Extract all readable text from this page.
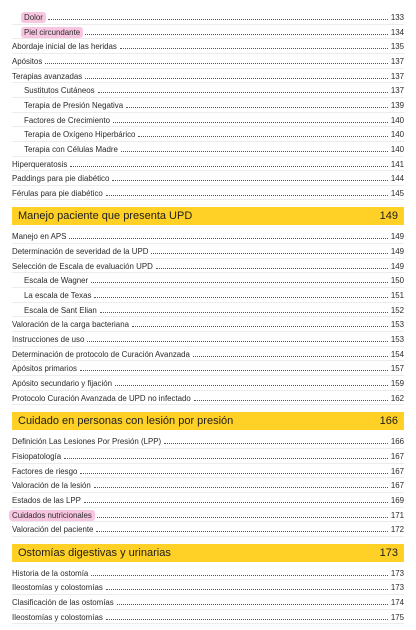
Dolor	133
Piel circundante	134
Abordaje inicial de las heridas	135
Apósitos	137
Terapias avanzadas	137
Sustitutos Cutáneos	137
Terapia de Presión Negativa	139
Factores de Crecimiento	140
Terapia de Oxígeno Hiperbárico	140
Terapia con Células Madre	140
Hiperqueratosis	141
Paddings para pie diabético	144
Férulas para pie diabético	145
Manejo paciente que presenta UPD	149
Manejo en APS	149
Determinación de severidad de la UPD	149
Selección de Escala de evaluación UPD	149
Escala de Wagner	150
La escala de Texas	151
Escala de Sant Elian	152
Valoración de la carga bacteriana	153
Instrucciones de uso	153
Determinación de protocolo de Curación Avanzada	154
Apósitos primarios	157
Apósito secundario y fijación	159
Protocolo Curación Avanzada de UPD no infectado	162
Cuidado en personas con lesión por presión	166
Definición Las Lesiones Por Presión (LPP)	166
Fisiopatología	167
Factores de riesgo	167
Valoración de la lesión	167
Estados de las LPP	169
Cuidados nutricionales	171
Valoración del paciente	172
Ostomías digestivas y urinarias	173
Historia de la ostomía	173
Ileostomías y colostomías	173
Clasificación de las ostomías	174
Ileostomías y colostomías	175
